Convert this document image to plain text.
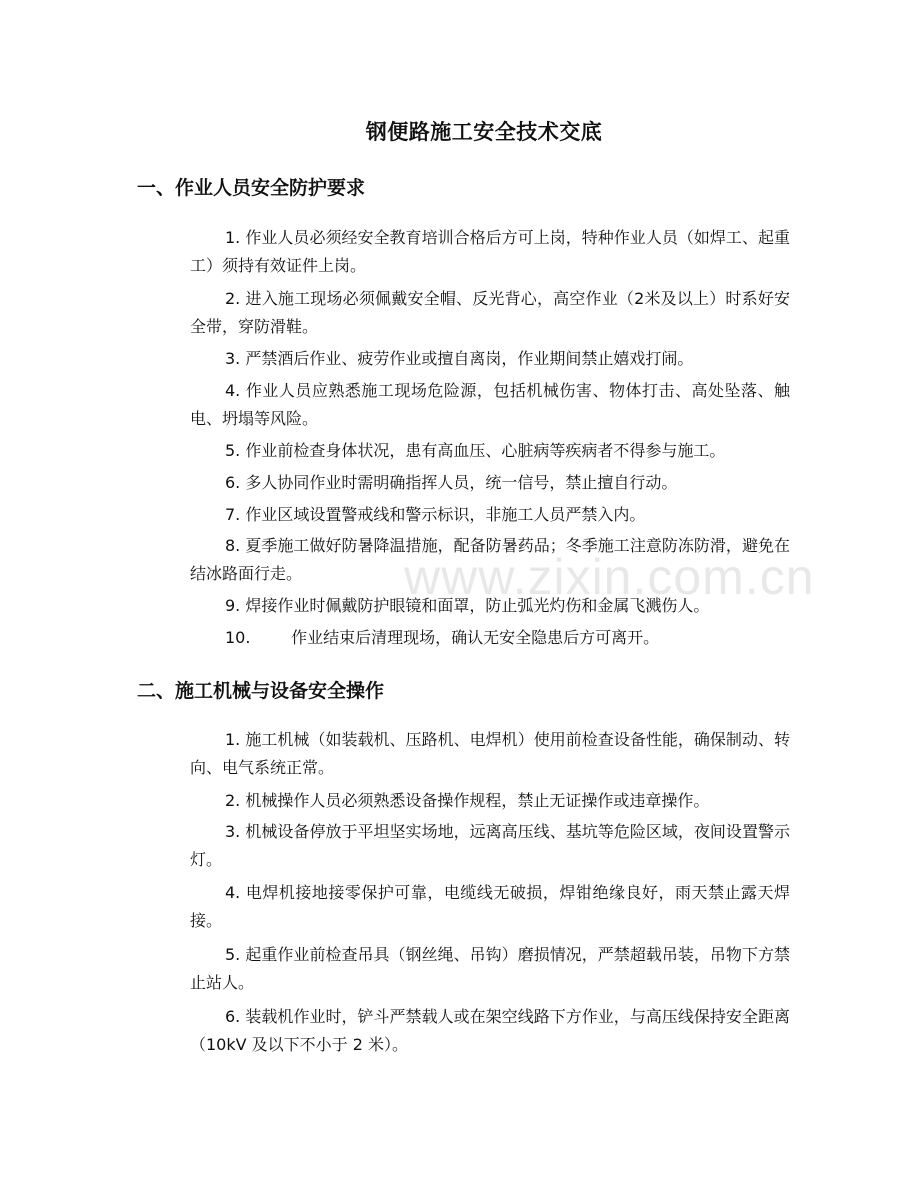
钢便路施工安全技术交底
www.zixin.com.cn
一、作业人员安全防护要求

1. 作业人员必须经安全教育培训合格后方可上岗，特种作业人员（如焊工、起重工）须持有效证件上岗。

2. 进入施工现场必须佩戴安全帽、反光背心，高空作业（2米及以上）时系好安全带，穿防滑鞋。

3. 严禁酒后作业、疲劳作业或擅自离岗，作业期间禁止嬉戏打闹。

4. 作业人员应熟悉施工现场危险源，包括机械伤害、物体打击、高处坠落、触电、坍塌等风险。

5. 作业前检查身体状况，患有高血压、心脏病等疾病者不得参与施工。

6. 多人协同作业时需明确指挥人员，统一信号，禁止擅自行动。

7. 作业区域设置警戒线和警示标识，非施工人员严禁入内。

8. 夏季施工做好防暑降温措施，配备防暑药品；冬季施工注意防冻防滑，避免在结冰路面行走。

9. 焊接作业时佩戴防护眼镜和面罩，防止弧光灼伤和金属飞溅伤人。

10.        作业结束后清理现场，确认无安全隐患后方可离开。

二、施工机械与设备安全操作

1. 施工机械（如装载机、压路机、电焊机）使用前检查设备性能，确保制动、转向、电气系统正常。

2. 机械操作人员必须熟悉设备操作规程，禁止无证操作或违章操作。

3. 机械设备停放于平坦坚实场地，远离高压线、基坑等危险区域，夜间设置警示灯。

4. 电焊机接地接零保护可靠，电缆线无破损，焊钳绝缘良好，雨天禁止露天焊接。

5. 起重作业前检查吊具（钢丝绳、吊钩）磨损情况，严禁超载吊装，吊物下方禁止站人。

6. 装载机作业时，铲斗严禁载人或在架空线路下方作业，与高压线保持安全距离（10kV 及以下不小于 2 米）。
